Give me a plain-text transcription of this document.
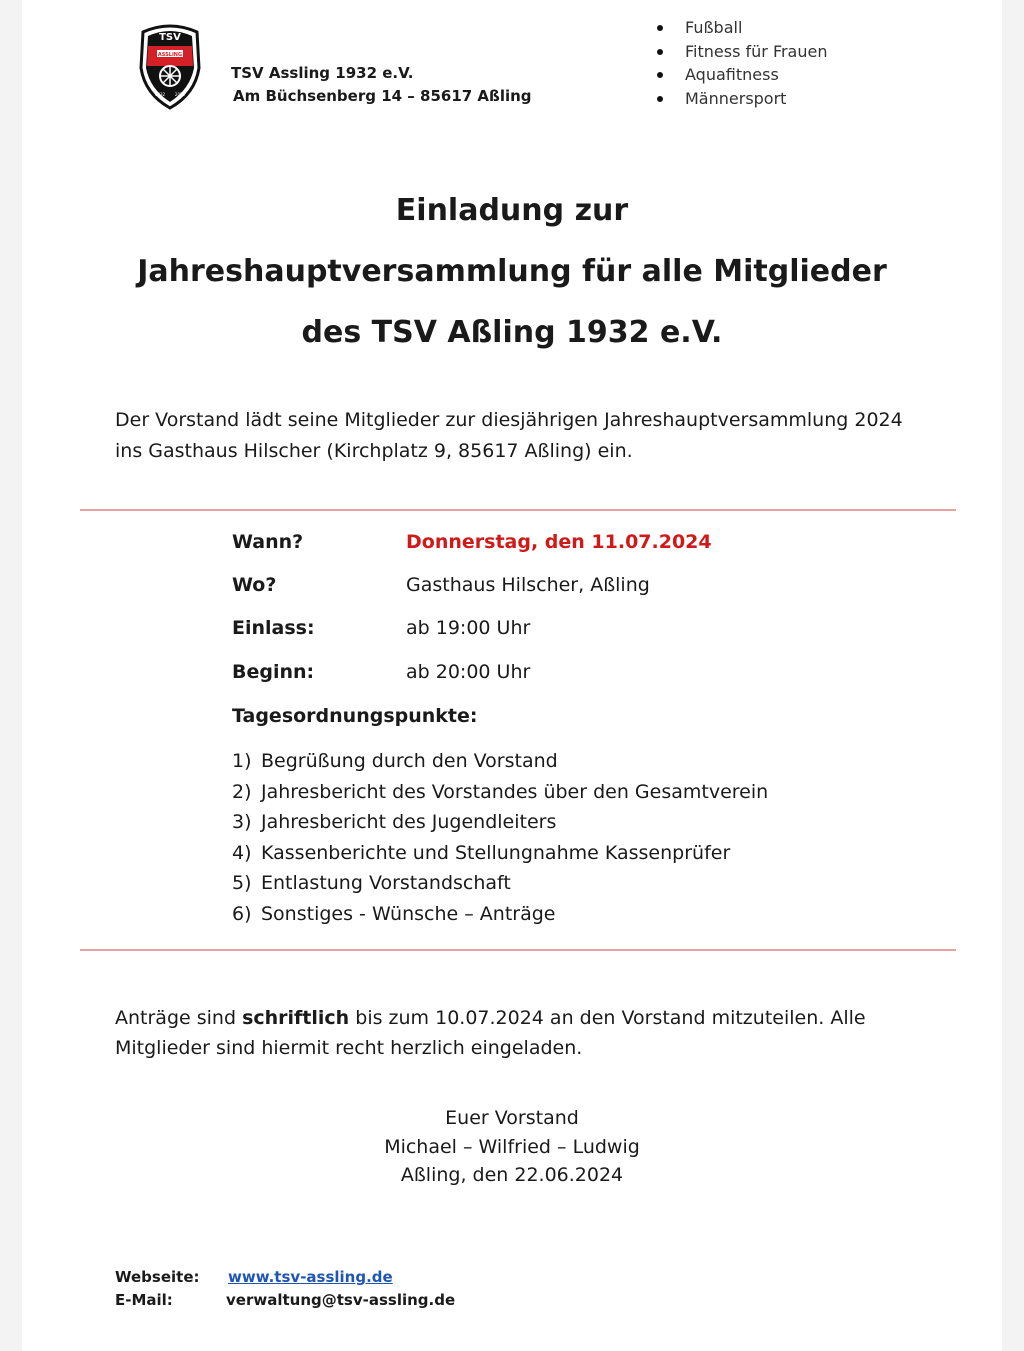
TSV
ASSLING
1932 2022
TSV Assling 1932 e.V.
Am Büchsenberg 14 – 85617 Aßling
Fußball
Fitness für Frauen
Aquafitness
Männersport
Einladung zur
Jahreshauptversammlung für alle Mitglieder
des TSV Aßling 1932 e.V.
Der Vorstand lädt seine Mitglieder zur diesjährigen Jahreshauptversammlung 2024
ins Gasthaus Hilscher (Kirchplatz 9, 85617 Aßling) ein.
Wann?	Donnerstag, den 11.07.2024
Wo?	Gasthaus Hilscher, Aßling
Einlass:	ab 19:00 Uhr
Beginn:	ab 20:00 Uhr
Tagesordnungspunkte:
1) Begrüßung durch den Vorstand
2) Jahresbericht des Vorstandes über den Gesamtverein
3) Jahresbericht des Jugendleiters
4) Kassenberichte und Stellungnahme Kassenprüfer
5) Entlastung Vorstandschaft
6) Sonstiges - Wünsche – Anträge
Anträge sind schriftlich bis zum 10.07.2024 an den Vorstand mitzuteilen. Alle
Mitglieder sind hiermit recht herzlich eingeladen.
Euer Vorstand
Michael – Wilfried – Ludwig
Aßling, den 22.06.2024
Webseite: www.tsv-assling.de
E-Mail:	verwaltung@tsv-assling.de
